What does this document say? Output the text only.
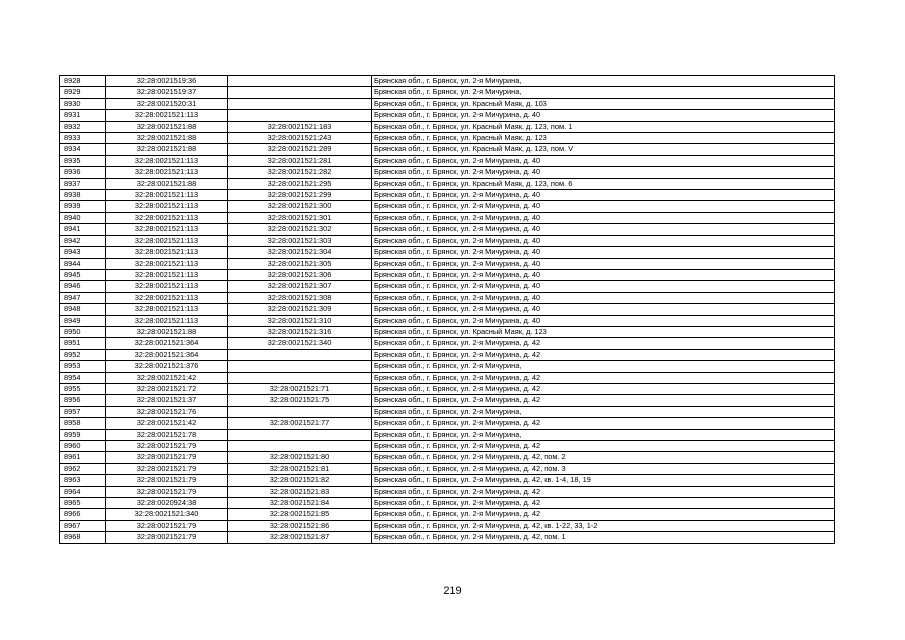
8928	32:28:0021519:36		Брянская обл., г. Брянск, ул. 2-я Мичурина,
8929	32:28:0021519:37		Брянская обл., г. Брянск, ул. 2-я Мичурина,
8930	32:28:0021520:31		Брянская обл., г. Брянск, ул. Красный Маяк, д. 103
8931	32:28:0021521:113		Брянская обл., г. Брянск, ул. 2-я Мичурина, д. 40
8932	32:28:0021521:88	32:28:0021521:183	Брянская обл., г. Брянск, ул. Красный Маяк, д. 123, пом. 1
8933	32:28:0021521:88	32:28:0021521:243	Брянская обл., г. Брянск, ул. Красный Маяк, д. 123
8934	32:28:0021521:88	32:28:0021521:289	Брянская обл., г. Брянск, ул. Красный Маяк, д. 123, пом. V
8935	32:28:0021521:113	32:28:0021521:281	Брянская обл., г. Брянск, ул. 2-я Мичурина, д. 40
8936	32:28:0021521:113	32:28:0021521:282	Брянская обл., г. Брянск, ул. 2-я Мичурина, д. 40
8937	32:28:0021521:88	32:28:0021521:295	Брянская обл., г. Брянск, ул. Красный Маяк, д. 123, пом. 6
8938	32:28:0021521:113	32:28:0021521:299	Брянская обл., г. Брянск, ул. 2-я Мичурина, д. 40
8939	32:28:0021521:113	32:28:0021521:300	Брянская обл., г. Брянск, ул. 2-я Мичурина, д. 40
8940	32:28:0021521:113	32:28:0021521:301	Брянская обл., г. Брянск, ул. 2-я Мичурина, д. 40
8941	32:28:0021521:113	32:28:0021521:302	Брянская обл., г. Брянск, ул. 2-я Мичурина, д. 40
8942	32:28:0021521:113	32:28:0021521:303	Брянская обл., г. Брянск, ул. 2-я Мичурина, д. 40
8943	32:28:0021521:113	32:28:0021521:304	Брянская обл., г. Брянск, ул. 2-я Мичурина, д. 40
8944	32:28:0021521:113	32:28:0021521:305	Брянская обл., г. Брянск, ул. 2-я Мичурина, д. 40
8945	32:28:0021521:113	32:28:0021521:306	Брянская обл., г. Брянск, ул. 2-я Мичурина, д. 40
8946	32:28:0021521:113	32:28:0021521:307	Брянская обл., г. Брянск, ул. 2-я Мичурина, д. 40
8947	32:28:0021521:113	32:28:0021521:308	Брянская обл., г. Брянск, ул. 2-я Мичурина, д. 40
8948	32:28:0021521:113	32:28:0021521:309	Брянская обл., г. Брянск, ул. 2-я Мичурина, д. 40
8949	32:28:0021521:113	32:28:0021521:310	Брянская обл., г. Брянск, ул. 2-я Мичурина, д. 40
8950	32:28:0021521:88	32:28:0021521:316	Брянская обл., г. Брянск, ул. Красный Маяк, д. 123
8951	32:28:0021521:364	32:28:0021521:340	Брянская обл., г. Брянск, ул. 2-я Мичурина, д. 42
8952	32:28:0021521:364		Брянская обл., г. Брянск, ул. 2-я Мичурина, д. 42
8953	32:28:0021521:376		Брянская обл., г. Брянск, ул. 2-я Мичурина,
8954	32:28:0021521:42		Брянская обл., г. Брянск, ул. 2-я Мичурина, д. 42
8955	32:28:0021521:72	32:28:0021521:71	Брянская обл., г. Брянск, ул. 2-я Мичурина, д. 42
8956	32:28:0021521:37	32:28:0021521:75	Брянская обл., г. Брянск, ул. 2-я Мичурина, д. 42
8957	32:28:0021521:76		Брянская обл., г. Брянск, ул. 2-я Мичурина,
8958	32:28:0021521:42	32:28:0021521:77	Брянская обл., г. Брянск, ул. 2-я Мичурина, д. 42
8959	32:28:0021521:78		Брянская обл., г. Брянск, ул. 2-я Мичурина,
8960	32:28:0021521:79		Брянская обл., г. Брянск, ул. 2-я Мичурина, д. 42
8961	32:28:0021521:79	32:28:0021521:80	Брянская обл., г. Брянск, ул. 2-я Мичурина, д. 42, пом. 2
8962	32:28:0021521:79	32:28:0021521:81	Брянская обл., г. Брянск, ул. 2-я Мичурина, д. 42, пом. 3
8963	32:28:0021521:79	32:28:0021521:82	Брянская обл., г. Брянск, ул. 2-я Мичурина, д. 42, кв. 1-4, 18, 19
8964	32:28:0021521:79	32:28:0021521:83	Брянская обл., г. Брянск, ул. 2-я Мичурина, д. 42
8965	32:28:0020924:38	32:28:0021521:84	Брянская обл., г. Брянск, ул. 2-я Мичурина, д. 42
8966	32:28:0021521:340	32:28:0021521:85	Брянская обл., г. Брянск, ул. 2-я Мичурина, д. 42
8967	32:28:0021521:79	32:28:0021521:86	Брянская обл., г. Брянск, ул. 2-я Мичурина, д. 42, кв. 1-22, 33, 1-2
8968	32:28:0021521:79	32:28:0021521:87	Брянская обл., г. Брянск, ул. 2-я Мичурина, д. 42, пом. 1
219
